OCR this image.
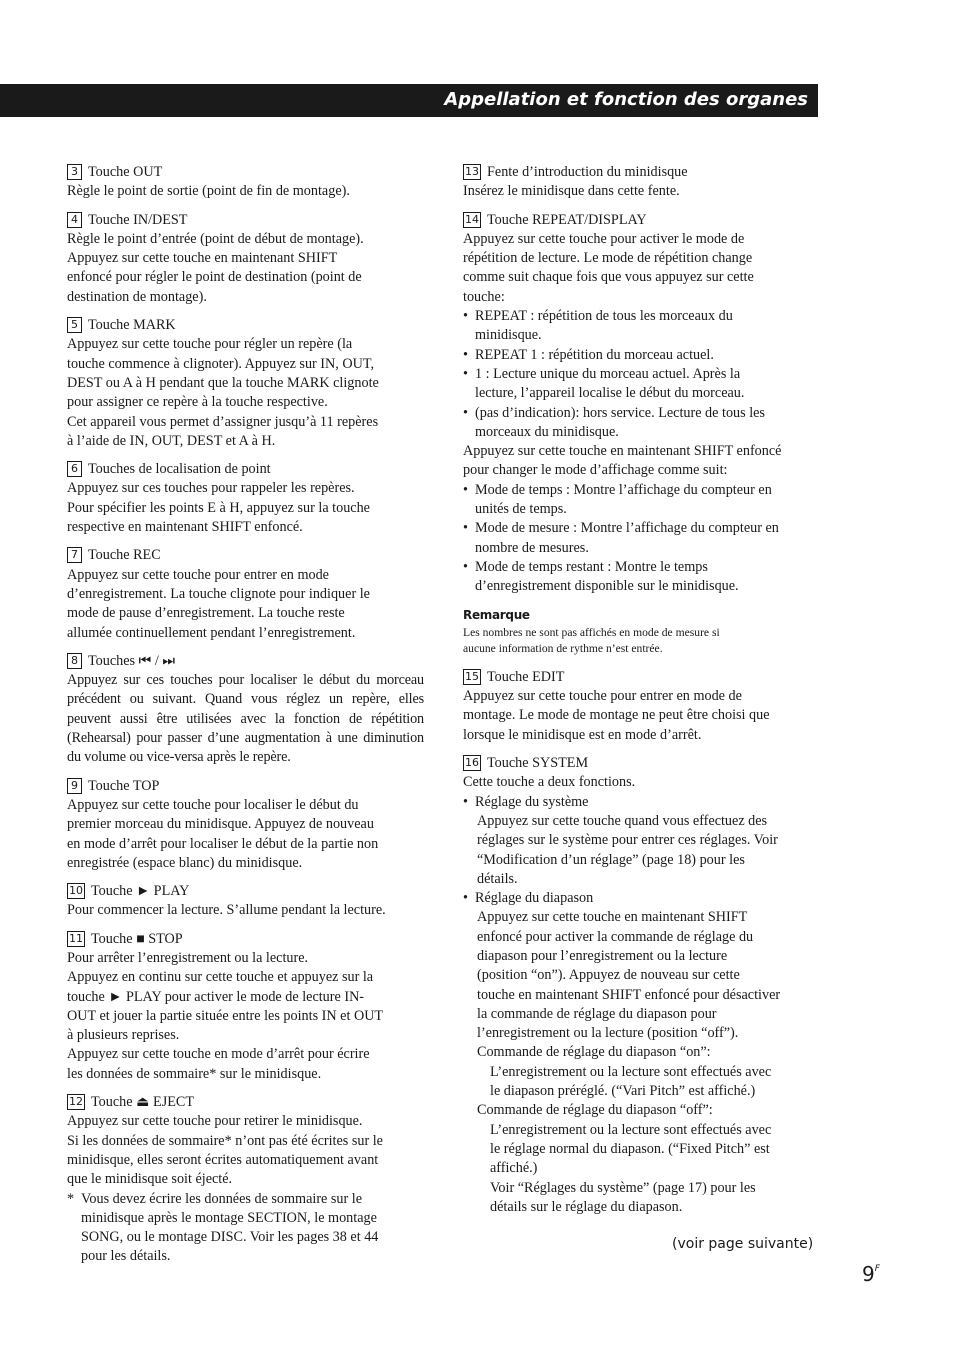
Appellation et fonction des organes
3 Touche OUT

Règle le point de sortie (point de fin de montage).

4 Touche IN/DEST

Règle le point d’entrée (point de début de montage).

Appuyez sur cette touche en maintenant SHIFT

enfoncé pour régler le point de destination (point de

destination de montage).

5 Touche MARK

Appuyez sur cette touche pour régler un repère (la

touche commence à clignoter). Appuyez sur IN, OUT,

DEST ou A à H pendant que la touche MARK clignote

pour assigner ce repère à la touche respective.

Cet appareil vous permet d’assigner jusqu’à 11 repères

à l’aide de IN, OUT, DEST et A à H.

6 Touches de localisation de point

Appuyez sur ces touches pour rappeler les repères.

Pour spécifier les points E à H, appuyez sur la touche

respective en maintenant SHIFT enfoncé.

7 Touche REC

Appuyez sur cette touche pour entrer en mode

d’enregistrement. La touche clignote pour indiquer le

mode de pause d’enregistrement. La touche reste

allumée continuellement pendant l’enregistrement.

8 Touches ⏮ / ⏭

Appuyez sur ces touches pour localiser le début du morceau précédent ou suivant. Quand vous réglez un repère, elles peuvent aussi être utilisées avec la fonction de répétition (Rehearsal) pour passer d’une augmentation à une diminution du volume ou vice-versa après le repère.

9 Touche TOP

Appuyez sur cette touche pour localiser le début du

premier morceau du minidisque. Appuyez de nouveau

en mode d’arrêt pour localiser le début de la partie non

enregistrée (espace blanc) du minidisque.

10 Touche ► PLAY

Pour commencer la lecture. S’allume pendant la lecture.

11 Touche ■ STOP

Pour arrêter l’enregistrement ou la lecture.

Appuyez en continu sur cette touche et appuyez sur la

touche ► PLAY pour activer le mode de lecture IN-

OUT et jouer la partie située entre les points IN et OUT

à plusieurs reprises.

Appuyez sur cette touche en mode d’arrêt pour écrire

les données de sommaire* sur le minidisque.

12 Touche ⏏ EJECT

Appuyez sur cette touche pour retirer le minidisque.

Si les données de sommaire* n’ont pas été écrites sur le

minidisque, elles seront écrites automatiquement avant

que le minidisque soit éjecté.

* Vous devez écrire les données de sommaire sur le
minidisque après le montage SECTION, le montage
SONG, ou le montage DISC. Voir les pages 38 et 44
pour les détails.
13 Fente d’introduction du minidisque

Insérez le minidisque dans cette fente.

14 Touche REPEAT/DISPLAY

Appuyez sur cette touche pour activer le mode de

répétition de lecture. Le mode de répétition change

comme suit chaque fois que vous appuyez sur cette

touche:

• REPEAT : répétition de tous les morceaux du
minidisque.
• REPEAT 1 : répétition du morceau actuel.
• 1 : Lecture unique du morceau actuel. Après la
lecture, l’appareil localise le début du morceau.
• (pas d’indication): hors service. Lecture de tous les
morceaux du minidisque.

Appuyez sur cette touche en maintenant SHIFT enfoncé

pour changer le mode d’affichage comme suit:

• Mode de temps : Montre l’affichage du compteur en
unités de temps.
• Mode de mesure : Montre l’affichage du compteur en
nombre de mesures.
• Mode de temps restant : Montre le temps
d’enregistrement disponible sur le minidisque.
Remarque
Les nombres ne sont pas affichés en mode de mesure si
aucune information de rythme n’est entrée.
15 Touche EDIT

Appuyez sur cette touche pour entrer en mode de

montage. Le mode de montage ne peut être choisi que

lorsque le minidisque est en mode d’arrêt.

16 Touche SYSTEM

Cette touche a deux fonctions.

• Réglage du système

Appuyez sur cette touche quand vous effectuez des

réglages sur le système pour entrer ces réglages. Voir

“Modification d’un réglage” (page 18) pour les

détails.

• Réglage du diapason

Appuyez sur cette touche en maintenant SHIFT

enfoncé pour activer la commande de réglage du

diapason pour l’enregistrement ou la lecture

(position “on”). Appuyez de nouveau sur cette

touche en maintenant SHIFT enfoncé pour désactiver

la commande de réglage du diapason pour

l’enregistrement ou la lecture (position “off”).

Commande de réglage du diapason “on”:

L’enregistrement ou la lecture sont effectués avec

le diapason préréglé. (“Vari Pitch” est affiché.)

Commande de réglage du diapason “off”:

L’enregistrement ou la lecture sont effectués avec

le réglage normal du diapason. (“Fixed Pitch” est

affiché.)

Voir “Réglages du système” (page 17) pour les

détails sur le réglage du diapason.

(voir page suivante)
$9^F$
